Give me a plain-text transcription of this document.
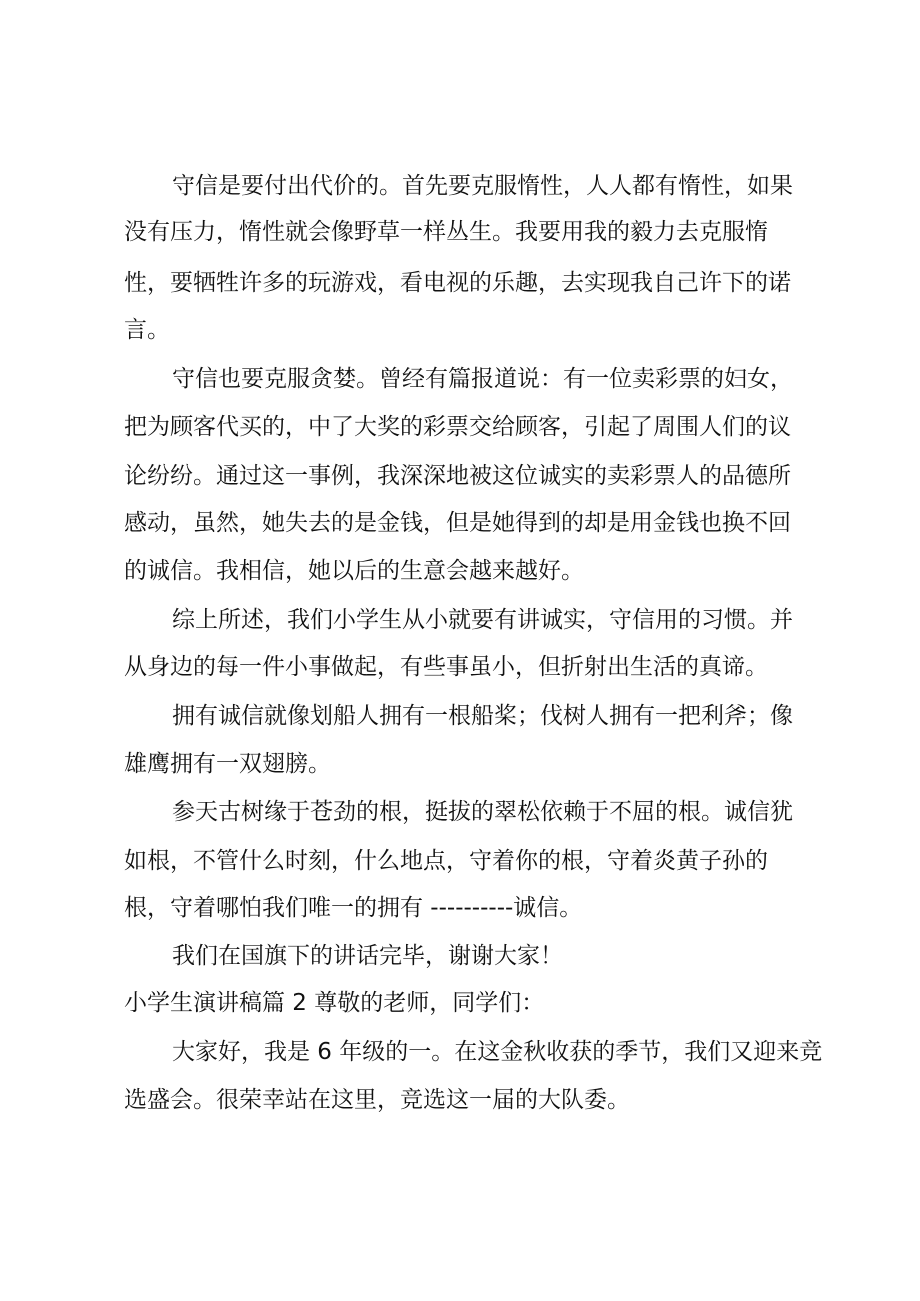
守信是要付出代价的。首先要克服惰性，人人都有惰性，如果
没有压力，惰性就会像野草一样丛生。我要用我的毅力去克服惰
性，要牺牲许多的玩游戏，看电视的乐趣，去实现我自己许下的诺
言。
守信也要克服贪婪。曾经有篇报道说：有一位卖彩票的妇女，
把为顾客代买的，中了大奖的彩票交给顾客，引起了周围人们的议
论纷纷。通过这一事例，我深深地被这位诚实的卖彩票人的品德所
感动，虽然，她失去的是金钱，但是她得到的却是用金钱也换不回
的诚信。我相信，她以后的生意会越来越好。
综上所述，我们小学生从小就要有讲诚实，守信用的习惯。并
从身边的每一件小事做起，有些事虽小，但折射出生活的真谛。
拥有诚信就像划船人拥有一根船桨；伐树人拥有一把利斧；像
雄鹰拥有一双翅膀。
参天古树缘于苍劲的根，挺拔的翠松依赖于不屈的根。诚信犹
如根，不管什么时刻，什么地点，守着你的根，守着炎黄子孙的
根，守着哪怕我们唯一的拥有 ----------诚信。
我们在国旗下的讲话完毕，谢谢大家！
小学生演讲稿篇 2 尊敬的老师，同学们：
大家好，我是 6 年级的一。在这金秋收获的季节，我们又迎来竞
选盛会。很荣幸站在这里，竞选这一届的大队委。
